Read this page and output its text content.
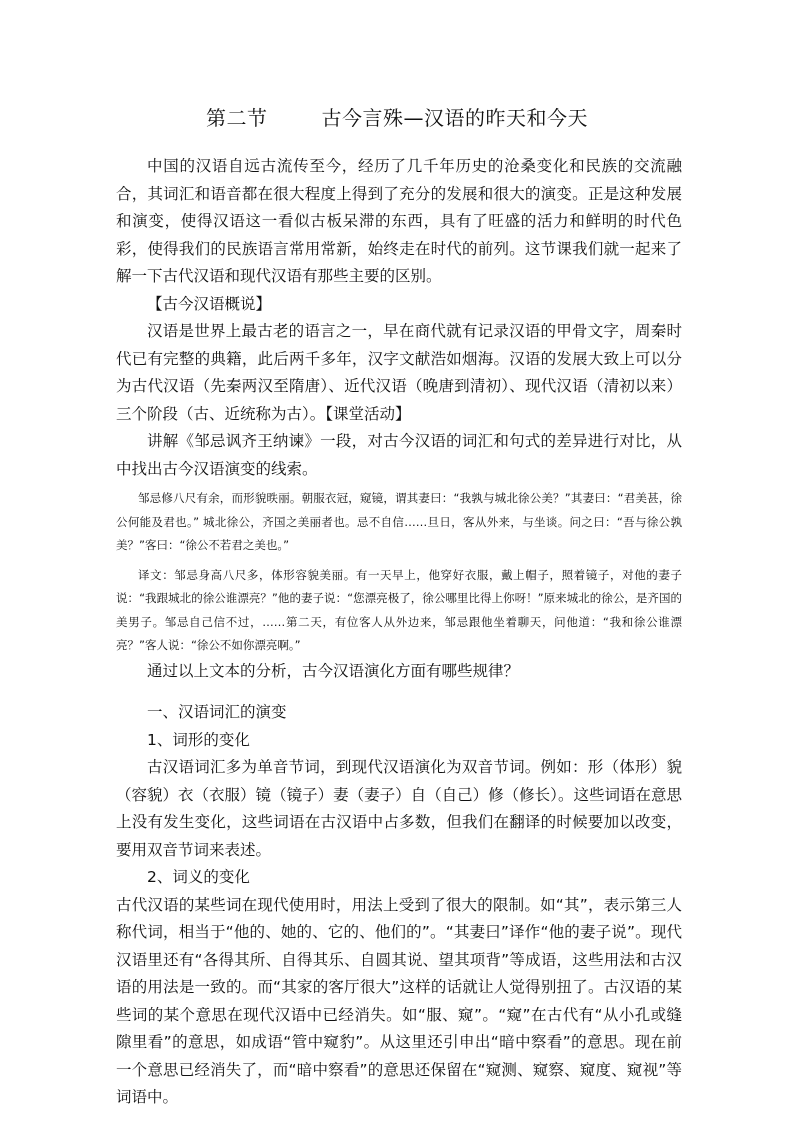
第二节	古今言殊—汉语的昨天和今天

中国的汉语自远古流传至今，经历了几千年历史的沧桑变化和民族的交流融合，其词汇和语音都在很大程度上得到了充分的发展和很大的演变。正是这种发展和演变，使得汉语这一看似古板呆滞的东西，具有了旺盛的活力和鲜明的时代色彩，使得我们的民族语言常用常新，始终走在时代的前列。这节课我们就一起来了解一下古代汉语和现代汉语有那些主要的区别。

【古今汉语概说】

汉语是世界上最古老的语言之一，早在商代就有记录汉语的甲骨文字，周秦时代已有完整的典籍，此后两千多年，汉字文献浩如烟海。汉语的发展大致上可以分为古代汉语（先秦两汉至隋唐）、近代汉语（晚唐到清初）、现代汉语（清初以来）三个阶段（古、近统称为古）。【课堂活动】

讲解《邹忌讽齐王纳谏》一段，对古今汉语的词汇和句式的差异进行对比，从中找出古今汉语演变的线索。

邹忌修八尺有余，而形貌昳丽。朝服衣冠，窥镜，谓其妻曰：“我孰与城北徐公美？”其妻曰：“君美甚，徐公何能及君也。” 城北徐公，齐国之美丽者也。忌不自信……旦日，客从外来，与坐谈。问之曰：“吾与徐公孰美？”客曰：“徐公不若君之美也。”

译文：邹忌身高八尺多，体形容貌美丽。有一天早上，他穿好衣服，戴上帽子，照着镜子，对他的妻子说：“我跟城北的徐公谁漂亮？”他的妻子说：“您漂亮极了，徐公哪里比得上你呀！”原来城北的徐公，是齐国的美男子。邹忌自己信不过，……第二天，有位客人从外边来，邹忌跟他坐着聊天，问他道：“我和徐公谁漂亮？”客人说：“徐公不如你漂亮啊。”

通过以上文本的分析，古今汉语演化方面有哪些规律？

一、汉语词汇的演变

1、词形的变化

古汉语词汇多为单音节词，到现代汉语演化为双音节词。例如：形（体形）貌（容貌）衣（衣服）镜（镜子）妻（妻子）自（自己）修（修长）。这些词语在意思上没有发生变化，这些词语在古汉语中占多数，但我们在翻译的时候要加以改变，要用双音节词来表述。

2、词义的变化

古代汉语的某些词在现代使用时，用法上受到了很大的限制。如“其”，表示第三人称代词，相当于“他的、她的、它的、他们的”。“其妻曰”译作“他的妻子说”。现代汉语里还有“各得其所、自得其乐、自圆其说、望其项背”等成语，这些用法和古汉语的用法是一致的。而“其家的客厅很大”这样的话就让人觉得别扭了。古汉语的某些词的某个意思在现代汉语中已经消失。如“服、窥”。“窥”在古代有“从小孔或缝隙里看”的意思，如成语“管中窥豹”。从这里还引申出“暗中察看”的意思。现在前一个意思已经消失了，而“暗中察看”的意思还保留在“窥测、窥察、窥度、窥视”等词语中。
